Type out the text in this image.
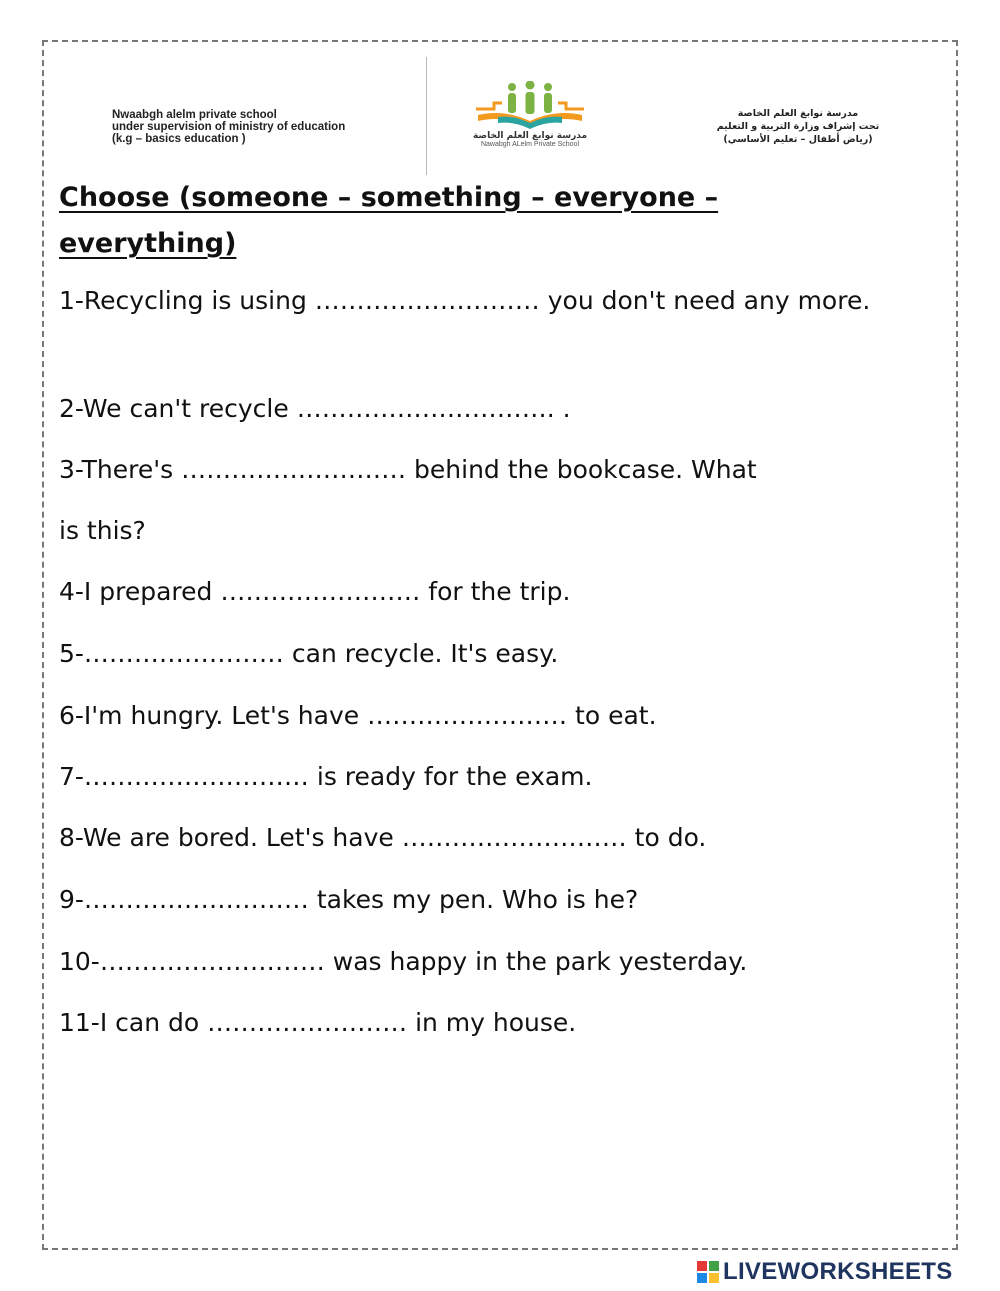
Nwaabgh alelm private school
under supervision of ministry of education
(k.g – basics education )	مدرسة نوابغ العلم الخاصة
Nawabgh ALelm Private School
مدرسة نوابغ العلم الخاصة
تحت إشراف وزارة التربية و التعليم
(رياض أطفال – تعليم الأساسي)
Choose (someone – something – everyone – everything)
1-Recycling is using ……………………… you don't need any more.
2-We can't recycle …………………………. .
3-There's ……………………… behind the bookcase. What
is this?
4-I prepared …………………… for the trip.
5-…………………… can recycle. It's easy.
6-I'm hungry. Let's have …………………… to eat.
7-……………………… is ready for the exam.
8-We are bored. Let's have ……………………… to do.
9-……………………… takes my pen. Who is he?
10-……………………… was happy in the park yesterday.
11-I can do …………………… in my house.
LIVEWORKSHEETS
